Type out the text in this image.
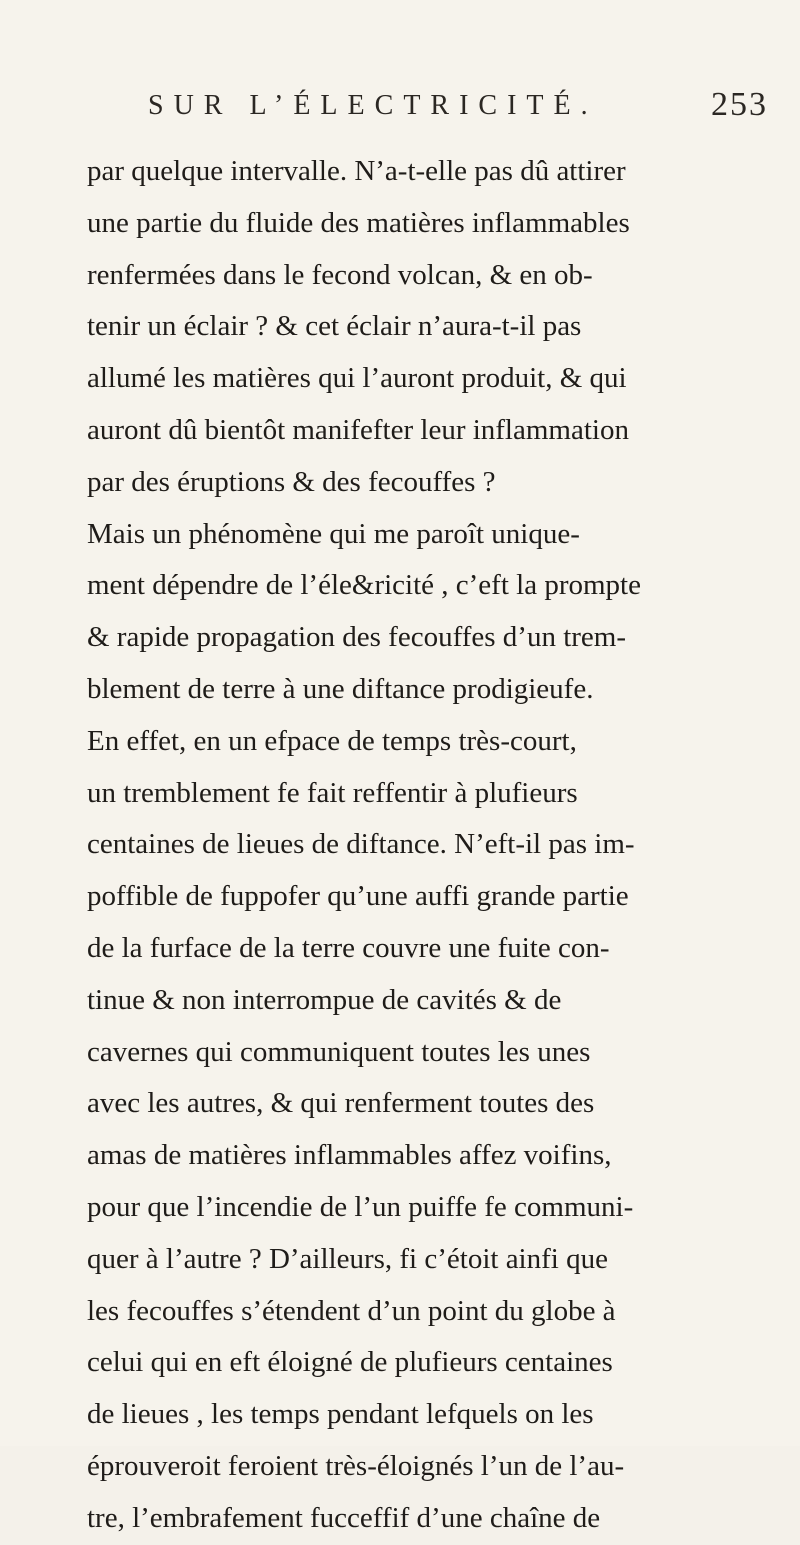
SUR L’ÉLECTRICITÉ.	253
par quelque intervalle. N’a-t-elle pas dû attirer
une partie du fluide des matières inflammables
renfermées dans le fecond volcan, & en ob-
tenir un éclair ? & cet éclair n’aura-t-il pas
allumé les matières qui l’auront produit, & qui
auront dû bientôt manifefter leur inflammation
par des éruptions & des fecouffes ?
Mais un phénomène qui me paroît unique-
ment dépendre de l’éle&ricité , c’eft la prompte
& rapide propagation des fecouffes d’un trem-
blement de terre à une diftance prodigieufe.
En effet, en un efpace de temps très-court,
un tremblement fe fait reffentir à plufieurs
centaines de lieues de diftance. N’eft-il pas im-
poffible de fuppofer qu’une auffi grande partie
de la furface de la terre couvre une fuite con-
tinue & non interrompue de cavités & de
cavernes qui communiquent toutes les unes
avec les autres, & qui renferment toutes des
amas de matières inflammables affez voifins,
pour que l’incendie de l’un puiffe fe communi-
quer à l’autre ? D’ailleurs, fi c’étoit ainfi que
les fecouffes s’étendent d’un point du globe à
celui qui en eft éloigné de plufieurs centaines
de lieues , les temps pendant lefquels on les
éprouveroit feroient très-éloignés l’un de l’au-
tre, l’embrafement fucceffif d’une chaîne de
